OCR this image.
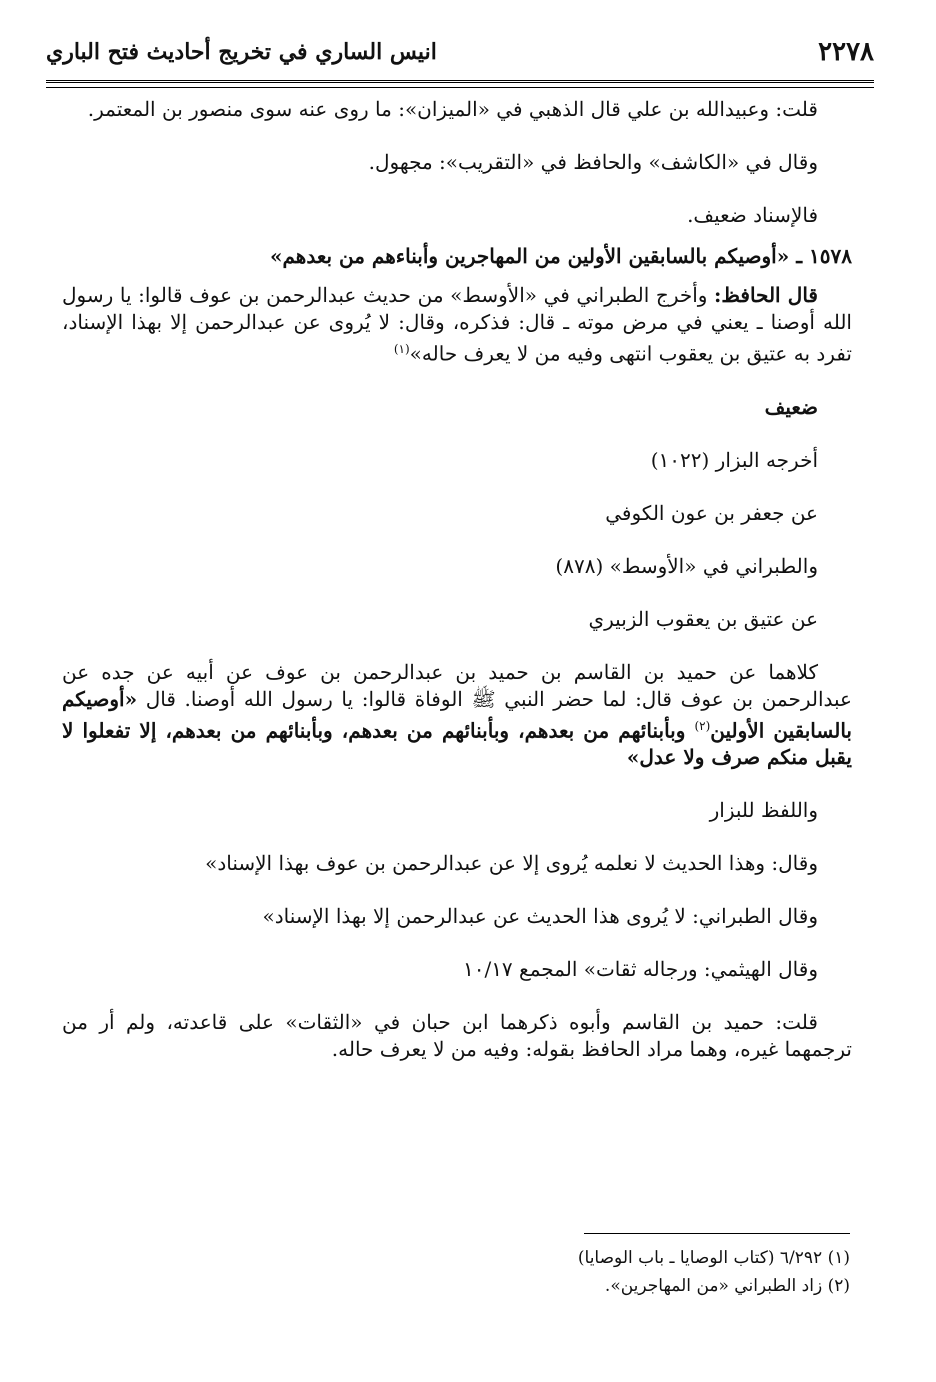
٢٢٧٨
انيس الساري في تخريج أحاديث فتح الباري

قلت: وعبيدالله بن علي قال الذهبي في «الميزان»: ما روى عنه سوى منصور بن المعتمر.

وقال في «الكاشف» والحافظ في «التقريب»: مجهول.

فالإسناد ضعيف.

١٥٧٨ ـ «أوصيكم بالسابقين الأولين من المهاجرين وأبناءهم من بعدهم»

قال الحافظ: وأخرج الطبراني في «الأوسط» من حديث عبدالرحمن بن عوف قالوا: يا رسول الله أوصنا ـ يعني في مرض موته ـ قال: فذكره، وقال: لا يُروى عن عبدالرحمن إلا بهذا الإسناد، تفرد به عتيق بن يعقوب انتهى وفيه من لا يعرف حاله»$^{(١)}$

ضعيف

أخرجه البزار (١٠٢٢)

عن جعفر بن عون الكوفي

والطبراني في «الأوسط» (٨٧٨)

عن عتيق بن يعقوب الزبيري

كلاهما عن حميد بن القاسم بن حميد بن عبدالرحمن بن عوف عن أبيه عن جده عن عبدالرحمن بن عوف قال: لما حضر النبي ﷺ الوفاة قالوا: يا رسول الله أوصنا. قال «أوصيكم بالسابقين الأولين$^{(٢)}$ وبأبنائهم من بعدهم، وبأبنائهم من بعدهم، وبأبنائهم من بعدهم، إلا تفعلوا لا يقبل منكم صرف ولا عدل»

واللفظ للبزار

وقال: وهذا الحديث لا نعلمه يُروى إلا عن عبدالرحمن بن عوف بهذا الإسناد»

وقال الطبراني: لا يُروى هذا الحديث عن عبدالرحمن إلا بهذا الإسناد»

وقال الهيثمي: ورجاله ثقات» المجمع ١٠/١٧

قلت: حميد بن القاسم وأبوه ذكرهما ابن حبان في «الثقات» على قاعدته، ولم أر من ترجمهما غيره، وهما مراد الحافظ بقوله: وفيه من لا يعرف حاله.

(١) ٦/٢٩٢ (كتاب الوصايا ـ باب الوصايا)

(٢) زاد الطبراني «من المهاجرين».
